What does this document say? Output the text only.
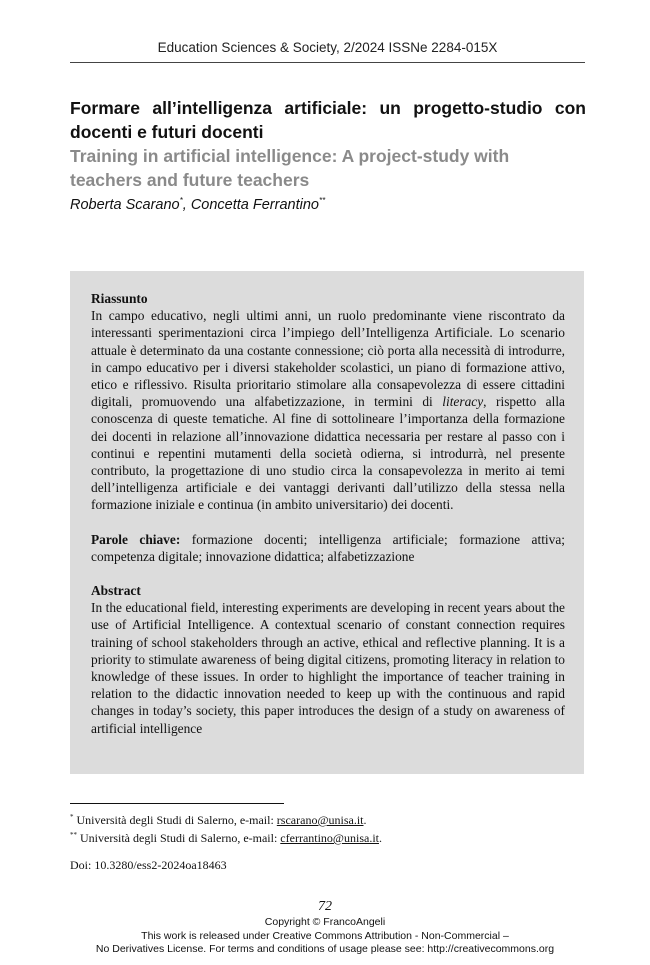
Education Sciences & Society, 2/2024 ISSNe 2284-015X

Formare all’intelligenza artificiale: un progetto-studio con docenti e futuri docenti

Training in artificial intelligence: A project-study with teachers and future teachers

Roberta Scarano*, Concetta Ferrantino**

Riassunto

In campo educativo, negli ultimi anni, un ruolo predominante viene riscontrato da interessanti sperimentazioni circa l’impiego dell’Intelligenza Artificiale. Lo scenario attuale è determinato da una costante connessione; ciò porta alla necessità di introdurre, in campo educativo per i diversi stakeholder scolastici, un piano di formazione attivo, etico e riflessivo. Risulta prioritario stimolare alla consapevolezza di essere cittadini digitali, promuovendo una alfabetizzazione, in termini di literacy, rispetto alla conoscenza di queste tematiche. Al fine di sottolineare l’importanza della formazione dei docenti in relazione all’innovazione didattica necessaria per restare al passo con i continui e repentini mutamenti della società odierna, si introdurrà, nel presente contributo, la progettazione di uno studio circa la consapevolezza in merito ai temi dell’intelligenza artificiale e dei vantaggi derivanti dall’utilizzo della stessa nella formazione iniziale e continua (in ambito universitario) dei docenti.

Parole chiave: formazione docenti; intelligenza artificiale; formazione attiva; competenza digitale; innovazione didattica; alfabetizzazione

Abstract

In the educational field, interesting experiments are developing in recent years about the use of Artificial Intelligence. A contextual scenario of constant connection requires training of school stakeholders through an active, ethical and reflective planning. It is a priority to stimulate awareness of being digital citizens, promoting literacy in relation to knowledge of these issues. In order to highlight the importance of teacher training in relation to the didactic innovation needed to keep up with the continuous and rapid changes in today’s society, this paper introduces the design of a study on awareness of artificial intelligence

* Università degli Studi di Salerno, e-mail: rscarano@unisa.it.

** Università degli Studi di Salerno, e-mail: cferrantino@unisa.it.

Doi: 10.3280/ess2-2024oa18463
72

Copyright © FrancoAngeli

This work is released under Creative Commons Attribution - Non-Commercial –

No Derivatives License. For terms and conditions of usage please see: http://creativecommons.org
